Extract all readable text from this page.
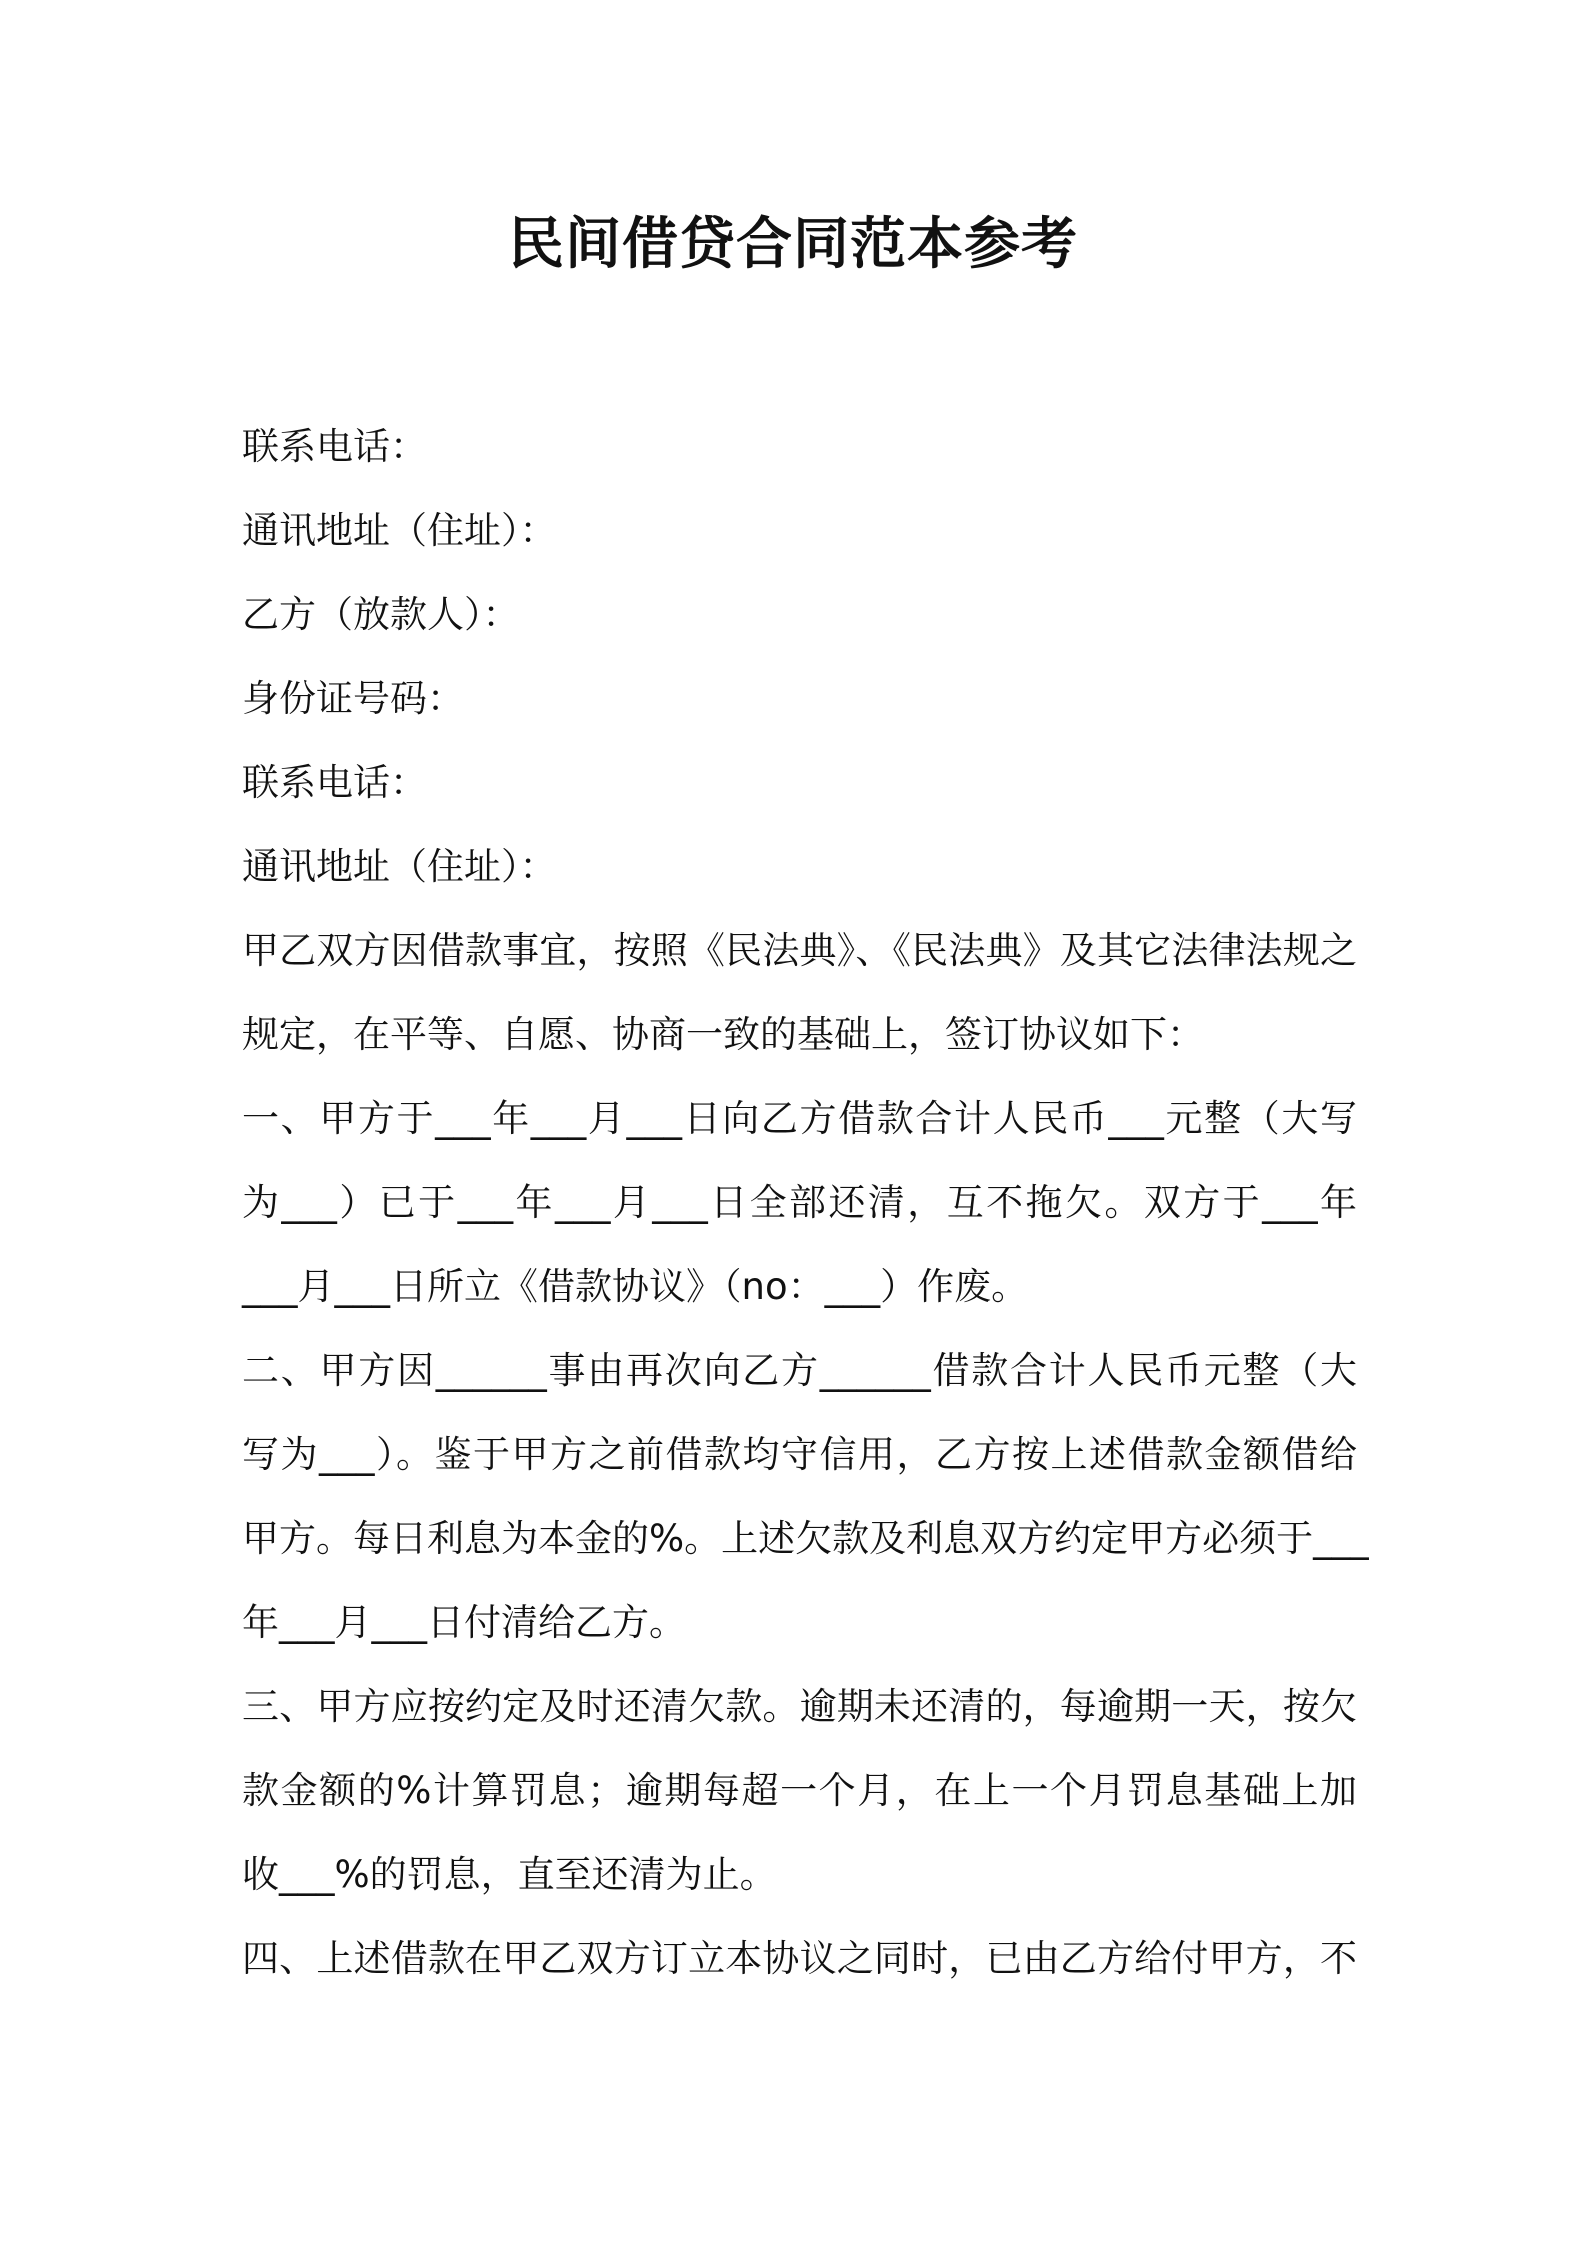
民间借贷合同范本参考

联系电话：

通讯地址（住址）：

乙方（放款人）：

身份证号码：

联系电话：

通讯地址（住址）：

甲乙双方因借款事宜，按照《民法典》、《民法典》及其它法律法规之

规定，在平等、自愿、协商一致的基础上，签订协议如下：

一、甲方于___年___月___日向乙方借款合计人民币___元整（大写

为___）已于___年___月___日全部还清，互不拖欠。双方于___年

___月___日所立《借款协议》（no：___）作废。

二、甲方因______事由再次向乙方______借款合计人民币元整（大

写为___）。鉴于甲方之前借款均守信用，乙方按上述借款金额借给

甲方。每日利息为本金的%。上述欠款及利息双方约定甲方必须于___

年___月___日付清给乙方。

三、甲方应按约定及时还清欠款。逾期未还清的，每逾期一天，按欠

款金额的%计算罚息；逾期每超一个月，在上一个月罚息基础上加

收___%的罚息，直至还清为止。

四、上述借款在甲乙双方订立本协议之同时，已由乙方给付甲方，不
